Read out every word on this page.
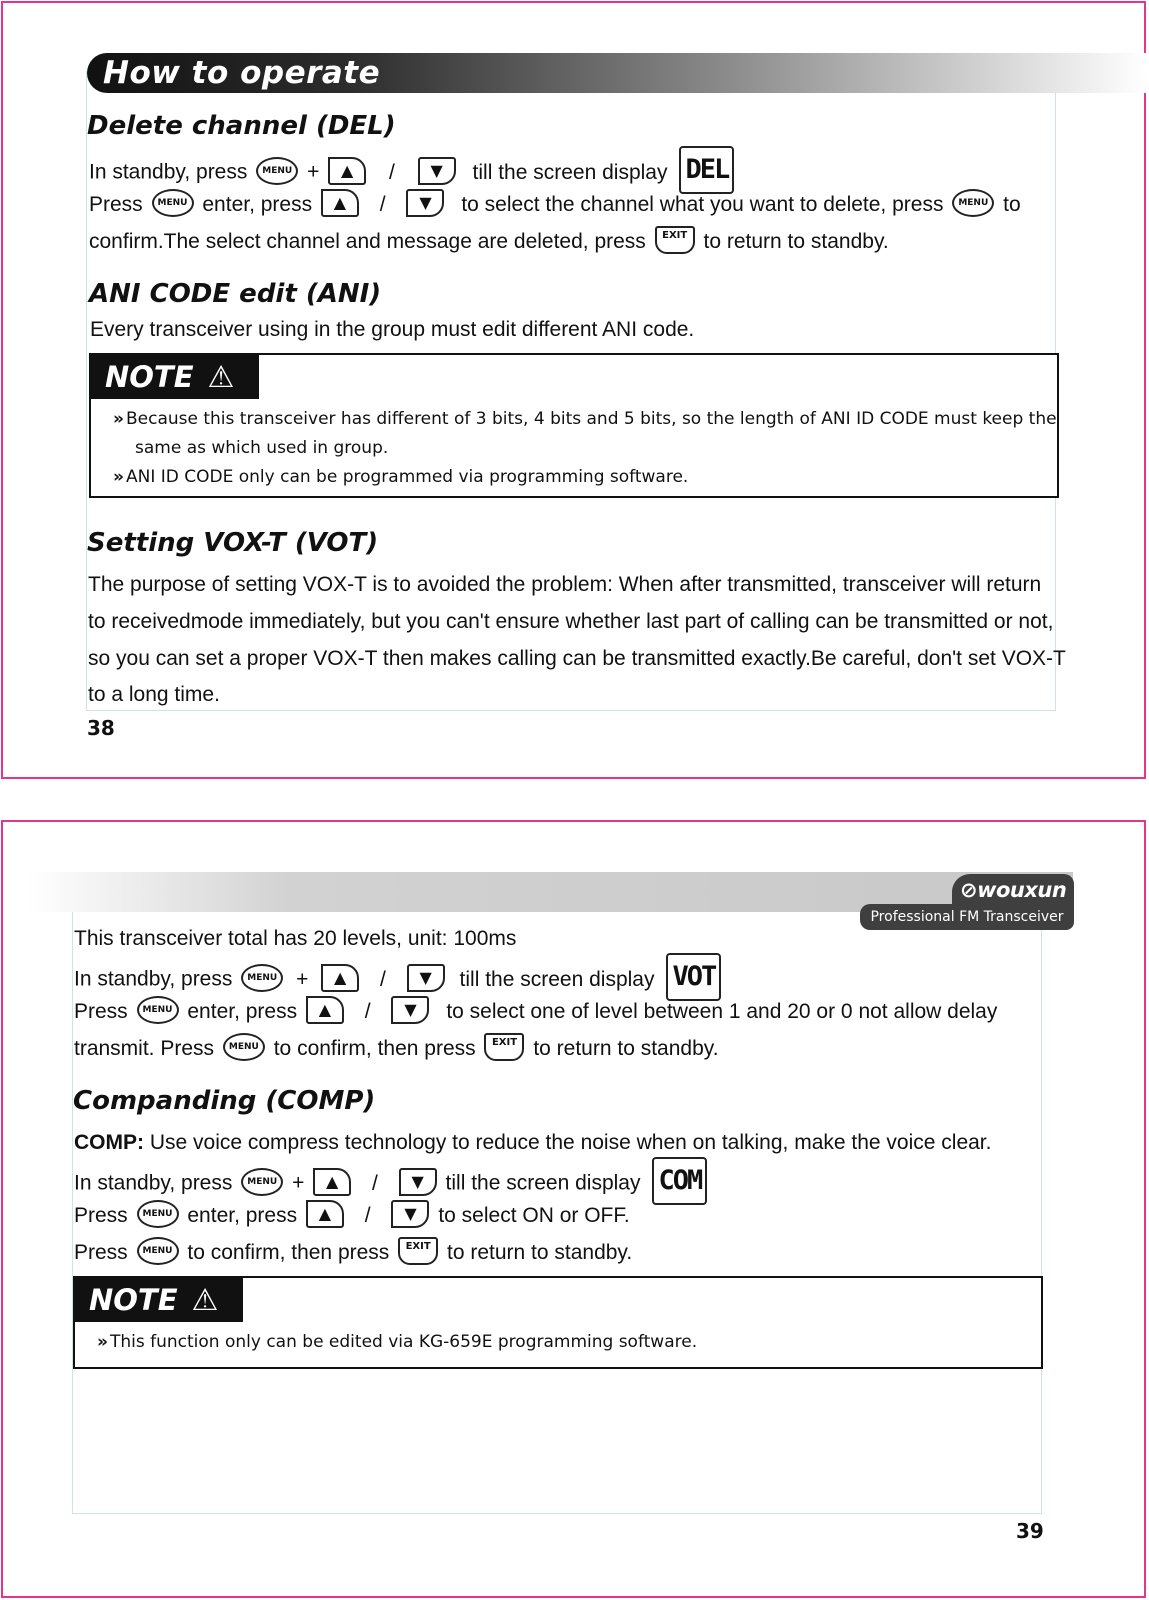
How to operate
Delete channel (DEL)
In standby, press MENU + ▲ / ▼ till the screen display DEL
Press MENU enter, press ▲ / ▼ to select the channel what you want to delete, press MENU to
confirm.The select channel and message are deleted, press EXIT to return to standby.
ANI CODE edit (ANI)
Every transceiver using in the group must edit different ANI code.
NOTE ⚠
» Because this transceiver has different of 3 bits, 4 bits and 5 bits, so the length of ANI ID CODE must keep the
same as which used in group.
» ANI ID CODE only can be programmed via programming software.
Setting VOX-T (VOT)
The purpose of setting VOX-T is to avoided the problem: When after transmitted, transceiver will return
to receivedmode immediately, but you can't ensure whether last part of calling can be transmitted or not,
so you can set a proper VOX-T then makes calling can be transmitted exactly.Be careful, don't set VOX-T
to a long time.
38
⊘wouxun
Professional FM Transceiver
This transceiver total has 20 levels, unit: 100ms
In standby, press MENU + ▲ / ▼ till the screen display VOT
Press MENU enter, press ▲ / ▼ to select one of level between 1 and 20 or 0 not allow delay
transmit. Press MENU to confirm, then press EXIT to return to standby.
Companding (COMP)
COMP: Use voice compress technology to reduce the noise when on talking, make the voice clear.
In standby, press MENU + ▲ / ▼ till the screen display COM
Press MENU enter, press ▲ / ▼ to select ON or OFF.
Press MENU to confirm, then press EXIT to return to standby.
NOTE ⚠
» This function only can be edited via KG-659E programming software.
39
